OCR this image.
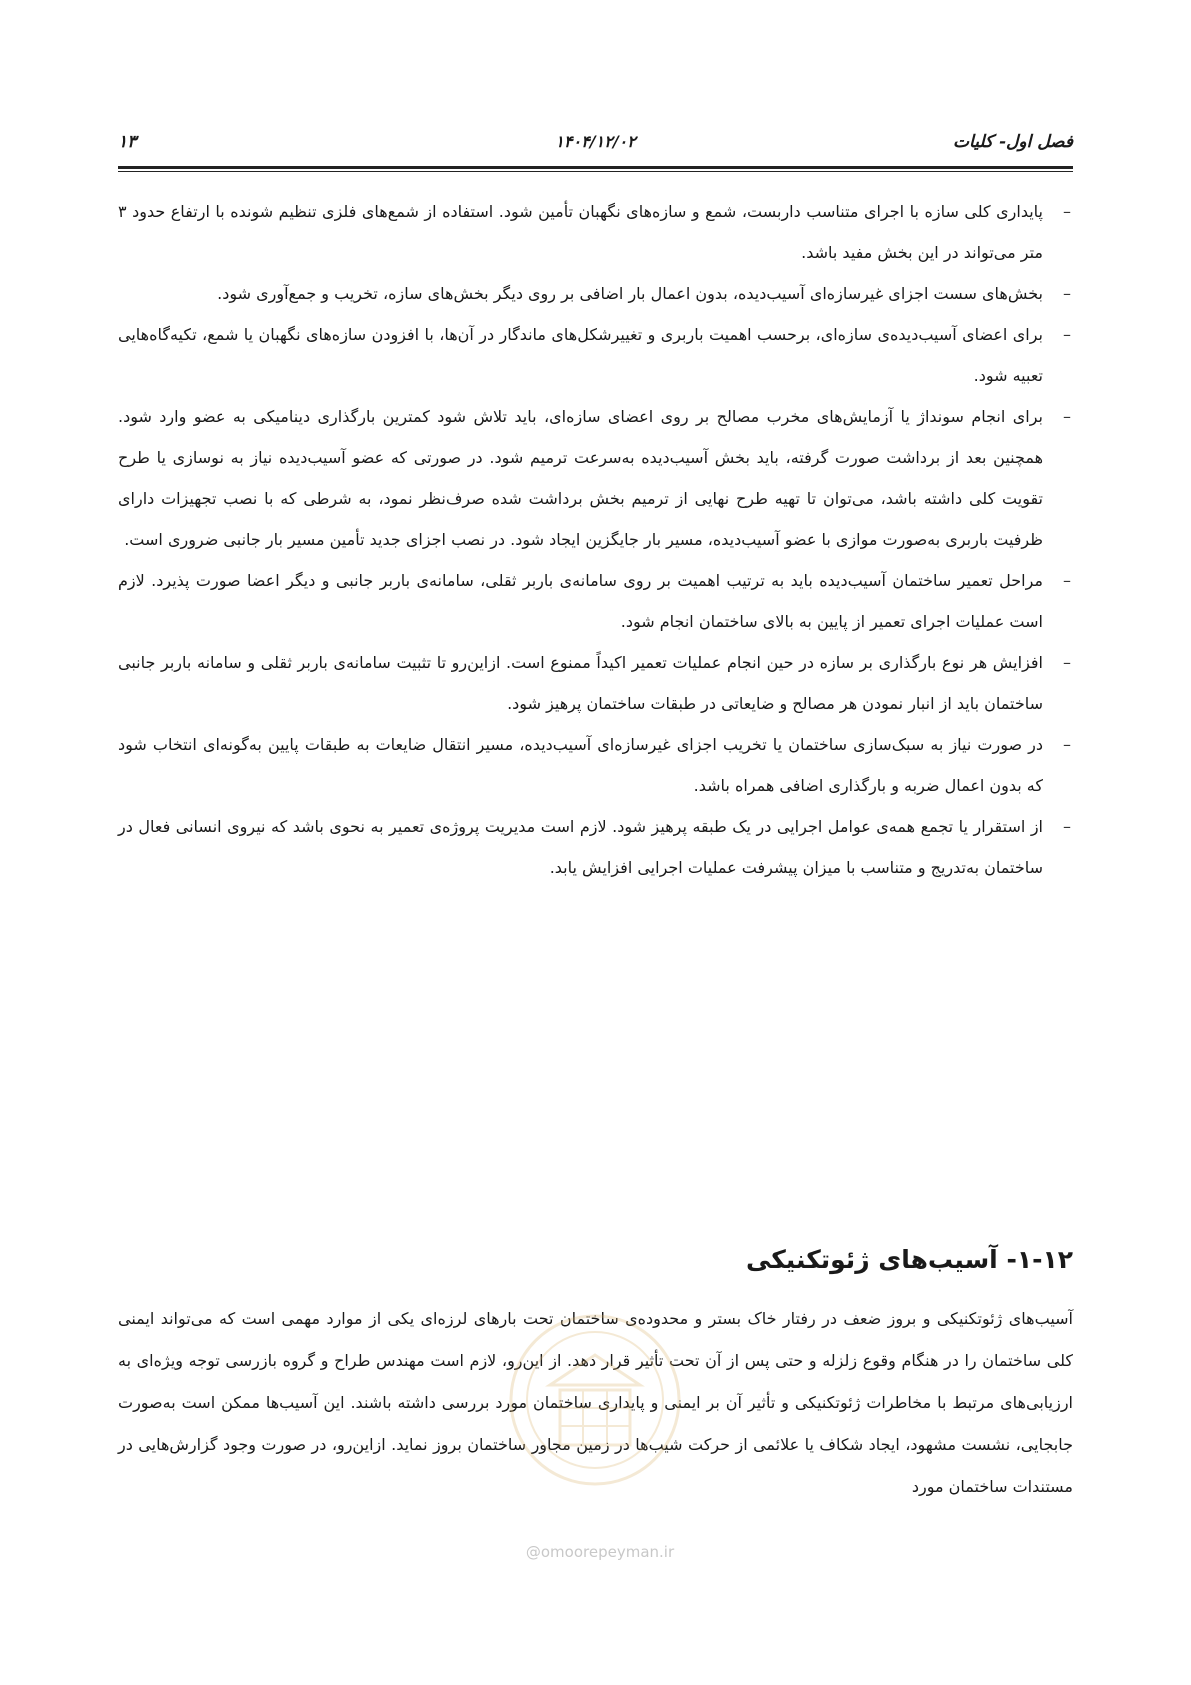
فصل اول- کلیات
۱۴۰۴/۱۲/۰۲
۱۳
–
پایداری کلی سازه با اجرای متناسب داربست، شمع و سازه‌های نگهبان تأمین شود. استفاده از شمع‌های فلزی تنظیم شونده با ارتفاع حدود ۳ متر می‌تواند در این بخش مفید باشد.
–
بخش‌های سست اجزای غیرسازه‌ای آسیب‌دیده، بدون اعمال بار اضافی بر روی دیگر بخش‌های سازه، تخریب و جمع‌آوری شود.
–
برای اعضای آسیب‌دیده‌ی سازه‌ای، برحسب اهمیت باربری و تغییرشکل‌های ماندگار در آن‌ها، با افزودن سازه‌های نگهبان یا شمع، تکیه‌گاه‌هایی تعبیه شود.
–
برای انجام سونداژ یا آزمایش‌های مخرب مصالح بر روی اعضای سازه‌ای، باید تلاش شود کمترین بارگذاری دینامیکی به عضو وارد شود. همچنین بعد از برداشت صورت گرفته، باید بخش آسیب‌دیده به‌سرعت ترمیم شود. در صورتی که عضو آسیب‌دیده نیاز به نوسازی یا طرح تقویت کلی داشته باشد، می‌توان تا تهیه طرح نهایی از ترمیم بخش برداشت شده صرف‌نظر نمود، به شرطی که با نصب تجهیزات دارای ظرفیت باربری به‌صورت موازی با عضو آسیب‌دیده، مسیر بار جایگزین ایجاد شود. در نصب اجزای جدید تأمین مسیر بار جانبی ضروری است.
–
مراحل تعمیر ساختمان آسیب‌دیده باید به ترتیب اهمیت بر روی سامانه‌ی باربر ثقلی، سامانه‌ی باربر جانبی و دیگر اعضا صورت پذیرد. لازم است عملیات اجرای تعمیر از پایین به بالای ساختمان انجام شود.
–
افزایش هر نوع بارگذاری بر سازه در حین انجام عملیات تعمیر اکیداً ممنوع است. ازاین‌رو تا تثبیت سامانه‌ی باربر ثقلی و سامانه باربر جانبی ساختمان باید از انبار نمودن هر مصالح و ضایعاتی در طبقات ساختمان پرهیز شود.
–
در صورت نیاز به سبک‌سازی ساختمان یا تخریب اجزای غیرسازه‌ای آسیب‌دیده، مسیر انتقال ضایعات به طبقات پایین به‌گونه‌ای انتخاب شود که بدون اعمال ضربه و بارگذاری اضافی همراه باشد.
–
از استقرار یا تجمع همه‌ی عوامل اجرایی در یک طبقه پرهیز شود. لازم است مدیریت پروژه‌ی تعمیر به نحوی باشد که نیروی انسانی فعال در ساختمان به‌تدریج و متناسب با میزان پیشرفت عملیات اجرایی افزایش یابد.
۱-۱۲- آسیب‌های ژئوتکنیکی

آسیب‌های ژئوتکنیکی و بروز ضعف در رفتار خاک بستر و محدوده‌ی ساختمان تحت بارهای لرزه‌ای یکی از موارد مهمی است که می‌تواند ایمنی کلی ساختمان را در هنگام وقوع زلزله و حتی پس از آن تحت تأثیر قرار دهد. از این‌رو، لازم است مهندس طراح و گروه بازرسی توجه ویژه‌ای به ارزیابی‌های مرتبط با مخاطرات ژئوتکنیکی و تأثیر آن بر ایمنی و پایداری ساختمان مورد بررسی داشته باشند. این آسیب‌ها ممکن است به‌صورت جابجایی، نشست مشهود، ایجاد شکاف یا علائمی از حرکت شیب‌ها در زمین مجاور ساختمان بروز نماید. ازاین‌رو، در صورت وجود گزارش‌هایی در مستندات ساختمان مورد

@omoorepeyman.ir
